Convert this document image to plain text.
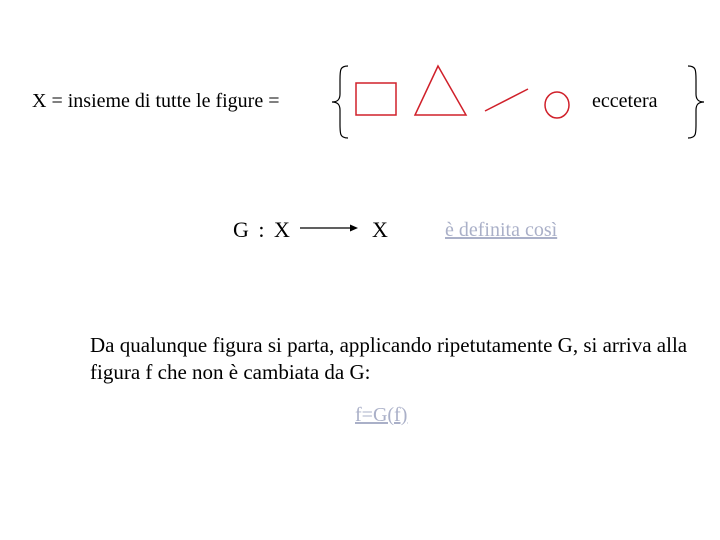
X = insieme di tutte le figure =	eccetera
G : X	X	è definita così
Da qualunque figura si parta, applicando ripetutamente G, si arriva alla figura f che non è cambiata da G:
f=G(f)
